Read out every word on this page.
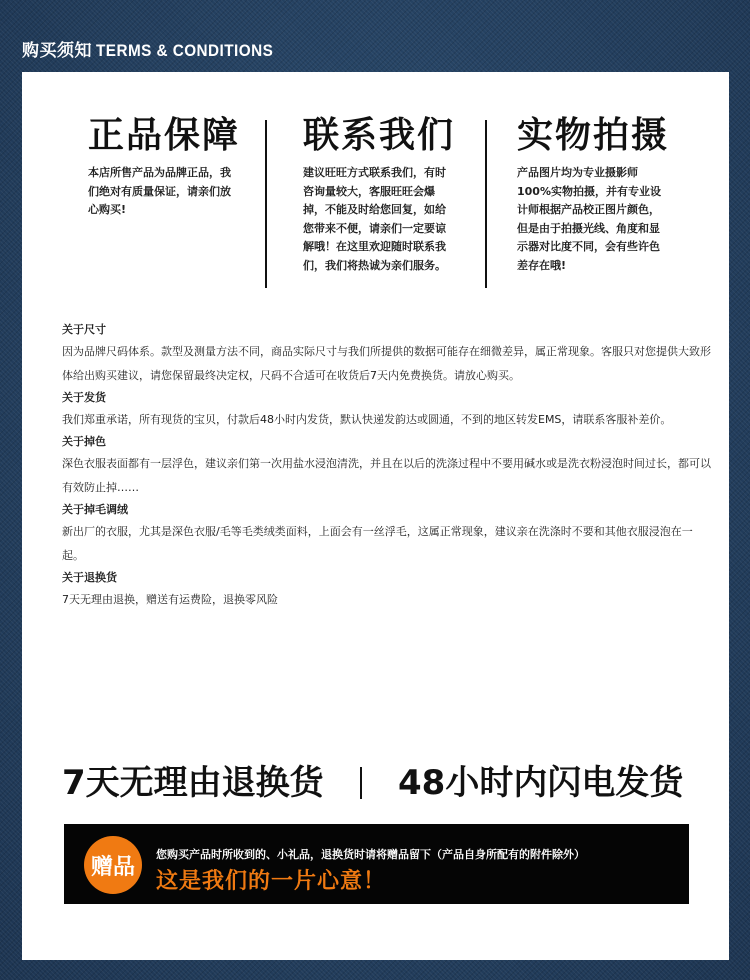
购买须知 TERMS & CONDITIONS
正品保障
本店所售产品为品牌正品，我们绝对有质量保证，请亲们放心购买!
联系我们
建议旺旺方式联系我们，有时咨询量较大，客服旺旺会爆掉，不能及时给您回复，如给您带来不便，请亲们一定要谅解哦！在这里欢迎随时联系我们，我们将热诚为亲们服务。
实物拍摄
产品图片均为专业摄影师100%实物拍摄，并有专业设计师根据产品校正图片颜色，但是由于拍摄光线、角度和显示器对比度不同，会有些许色差存在哦!
关于尺寸
因为品牌尺码体系。款型及测量方法不同，商品实际尺寸与我们所提供的数据可能存在细微差异，属正常现象。客服只对您提供大致形体给出购买建议，请您保留最终决定权，尺码不合适可在收货后7天内免费换货。请放心购买。
关于发货
我们郑重承诺，所有现货的宝贝，付款后48小时内发货，默认快递发韵达或圆通，不到的地区转发EMS，请联系客服补差价。
关于掉色
深色衣服表面都有一层浮色，建议亲们第一次用盐水浸泡清洗，并且在以后的洗涤过程中不要用碱水或是洗衣粉浸泡时间过长，都可以有效防止掉……
关于掉毛调绒
新出厂的衣服，尤其是深色衣服/毛等毛类绒类面料，上面会有一丝浮毛，这属正常现象，建议亲在洗涤时不要和其他衣服浸泡在一起。
关于退换货
7天无理由退换，赠送有运费险，退换零风险
7天无理由退换货 48小时内闪电发货
赠品	您购买产品时所收到的、小礼品，退换货时请将赠品留下（产品自身所配有的附件除外）
这是我们的一片心意！
